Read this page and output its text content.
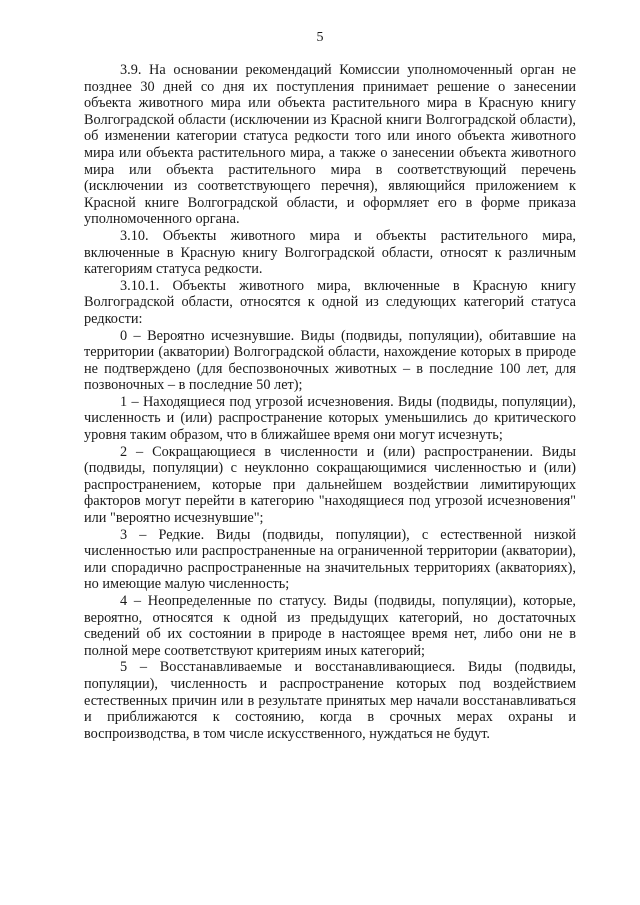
5

3.9. На основании рекомендаций Комиссии уполномоченный орган не позднее 30 дней со дня их поступления принимает решение о занесении объекта животного мира или объекта растительного мира в Красную книгу Волгоградской области (исключении из Красной книги Волгоградской области), об изменении категории статуса редкости того или иного объекта животного мира или объекта растительного мира, а также о занесении объекта животного мира или объекта растительного мира в соответствующий перечень (исключении из соответствующего перечня), являющийся приложением к Красной книге Волгоградской области, и оформляет его в форме приказа уполномоченного органа.

3.10. Объекты животного мира и объекты растительного мира, включенные в Красную книгу Волгоградской области, относят к различным категориям статуса редкости.

3.10.1. Объекты животного мира, включенные в Красную книгу Волгоградской области, относятся к одной из следующих категорий статуса редкости:

0 – Вероятно исчезнувшие. Виды (подвиды, популяции), обитавшие на территории (акватории) Волгоградской области, нахождение которых в природе не подтверждено (для беспозвоночных животных – в последние 100 лет, для позвоночных – в последние 50 лет);

1 – Находящиеся под угрозой исчезновения. Виды (подвиды, популяции), численность и (или) распространение которых уменьшились до критического уровня таким образом, что в ближайшее время они могут исчезнуть;

2 – Сокращающиеся в численности и (или) распространении. Виды (подвиды, популяции) с неуклонно сокращающимися численностью и (или) распространением, которые при дальнейшем воздействии лимитирующих факторов могут перейти в категорию "находящиеся под угрозой исчезновения" или "вероятно исчезнувшие";

3 – Редкие. Виды (подвиды, популяции), с естественной низкой численностью или распространенные на ограниченной территории (акватории), или спорадично распространенные на значительных территориях (акваториях), но имеющие малую численность;

4 – Неопределенные по статусу. Виды (подвиды, популяции), которые, вероятно, относятся к одной из предыдущих категорий, но достаточных сведений об их состоянии в природе в настоящее время нет, либо они не в полной мере соответствуют критериям иных категорий;

5 – Восстанавливаемые и восстанавливающиеся. Виды (подвиды, популяции), численность и распространение которых под воздействием естественных причин или в результате принятых мер начали восстанавливаться и приближаются к состоянию, когда в срочных мерах охраны и воспроизводства, в том числе искусственного, нуждаться не будут.
